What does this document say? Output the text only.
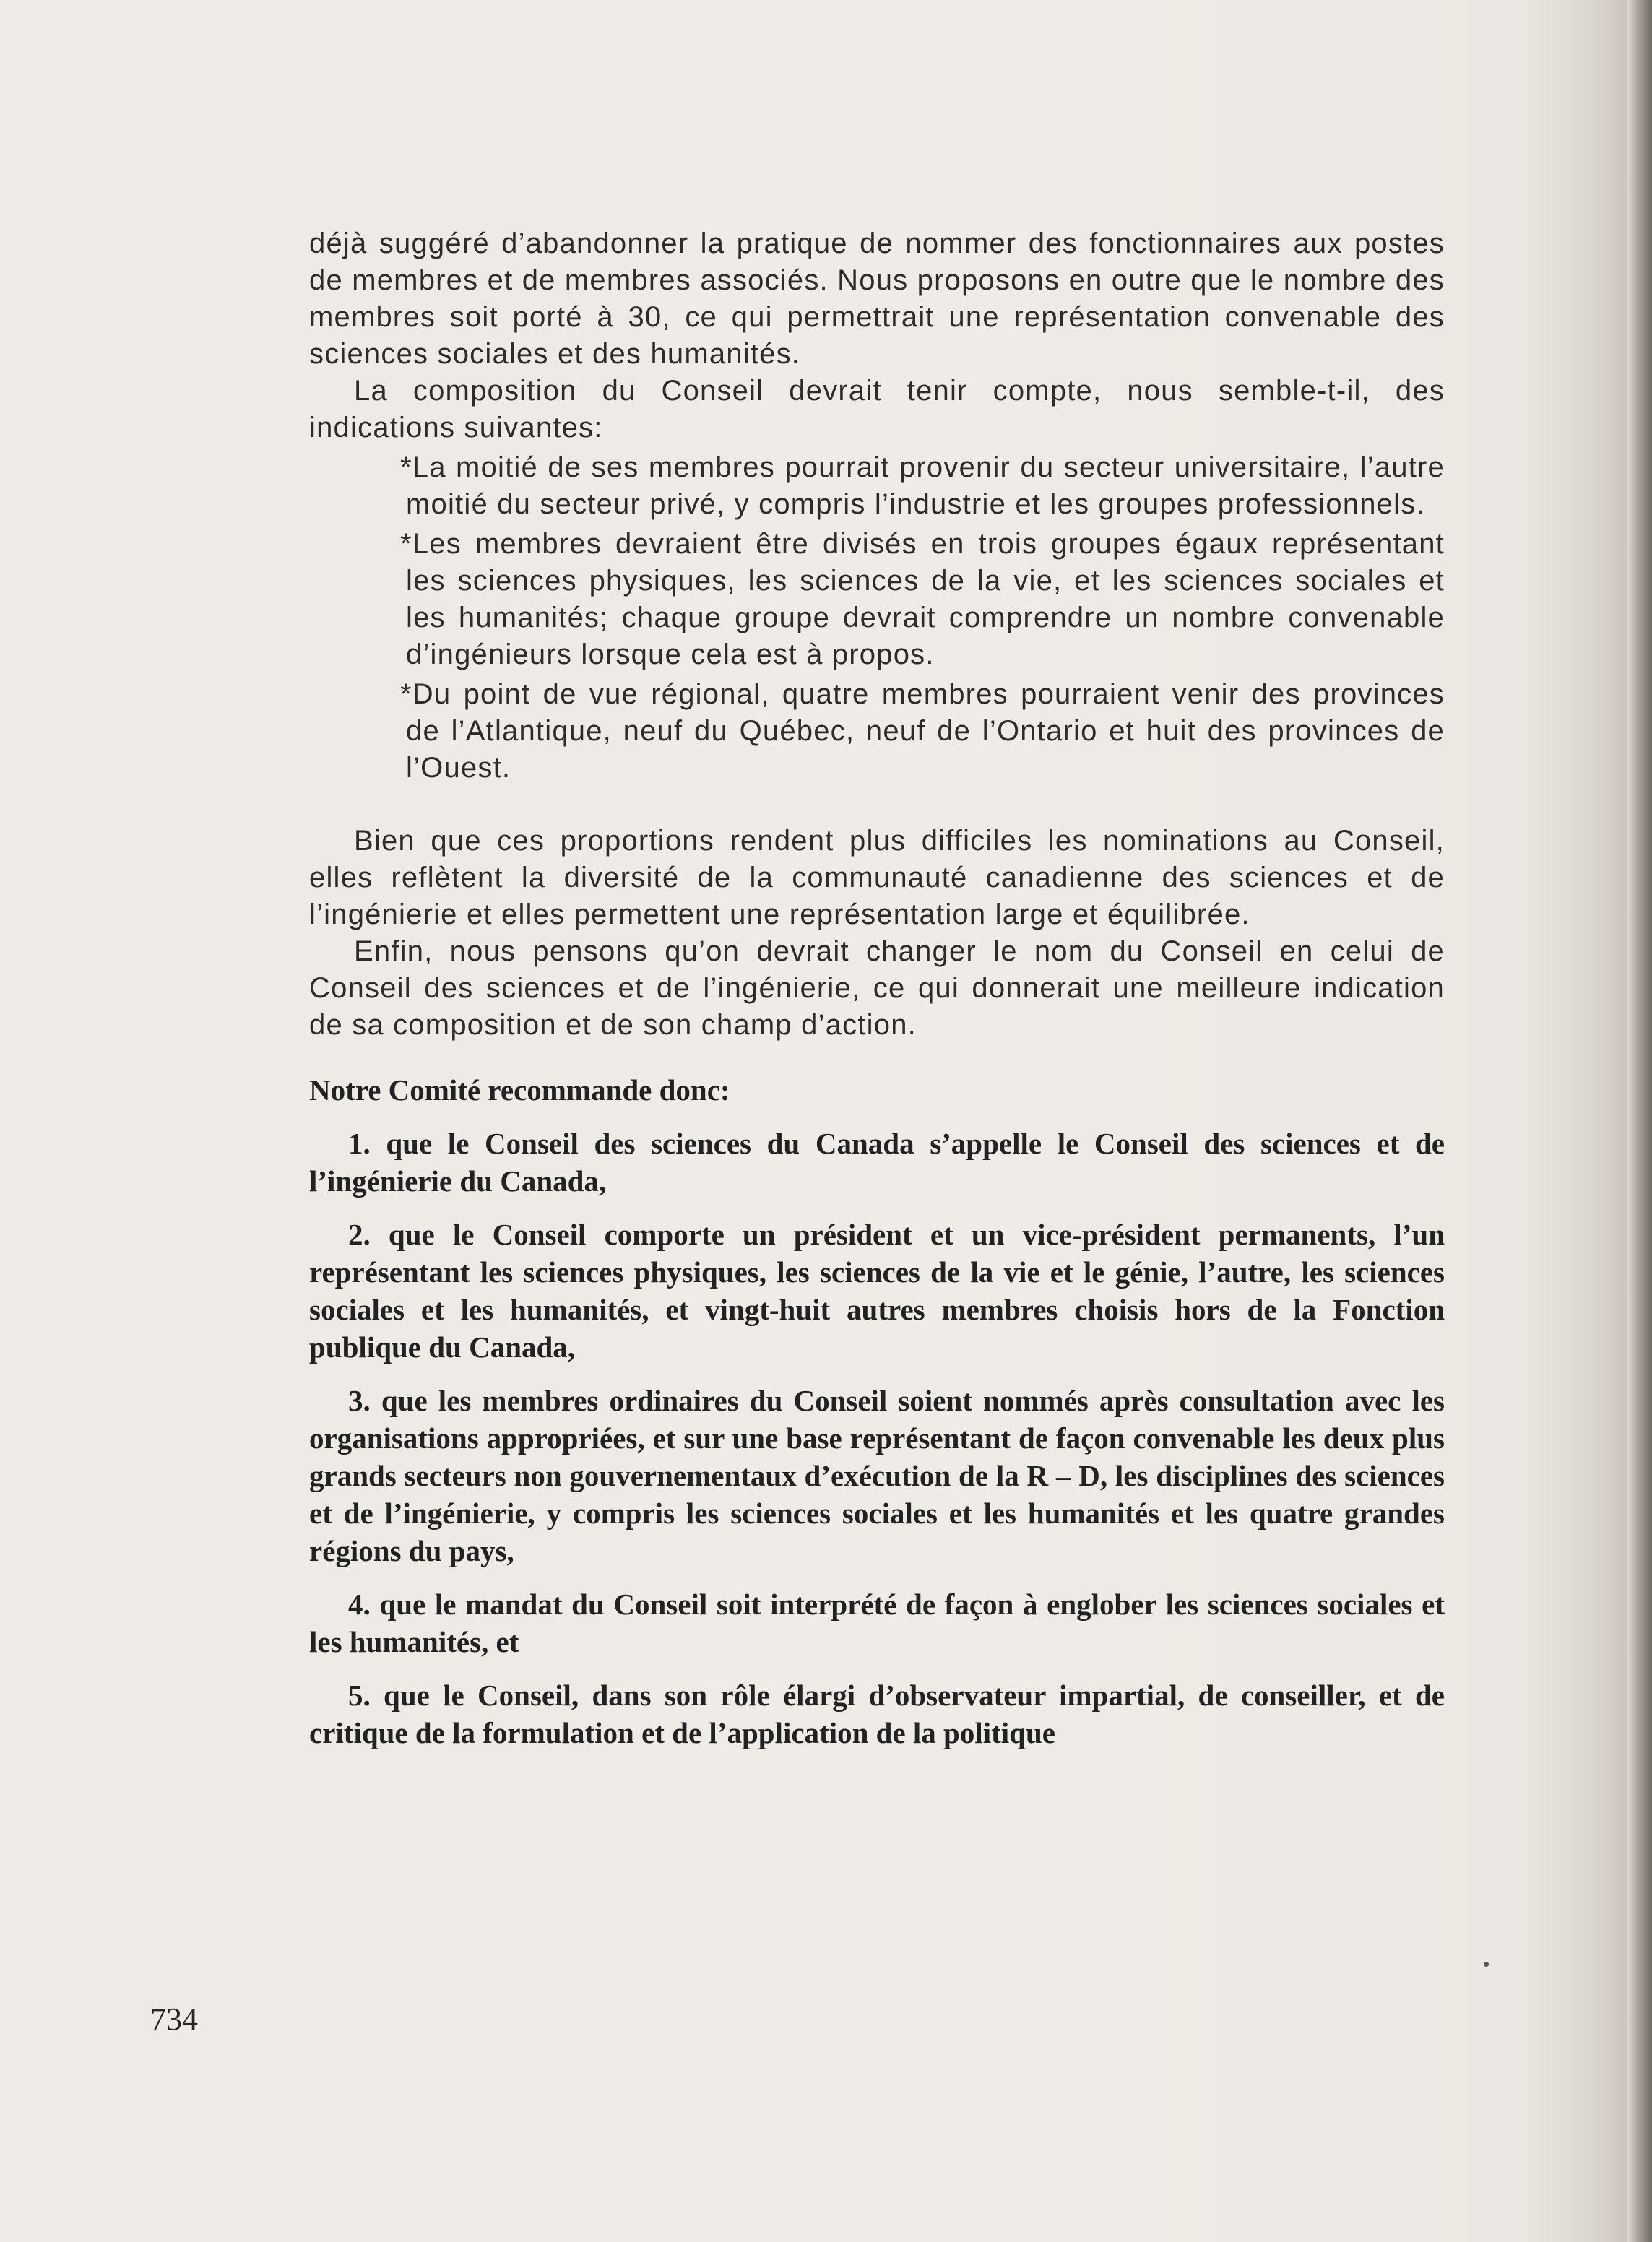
déjà suggéré d’abandonner la pratique de nommer des fonctionnaires aux postes de membres et de membres associés. Nous proposons en outre que le nombre des membres soit porté à 30, ce qui permettrait une représentation convenable des sciences sociales et des humanités.

La composition du Conseil devrait tenir compte, nous semble-t-il, des indications suivantes:

*La moitié de ses membres pourrait provenir du secteur universitaire, l’autre moitié du secteur privé, y compris l’industrie et les groupes professionnels.

*Les membres devraient être divisés en trois groupes égaux représentant les sciences physiques, les sciences de la vie, et les sciences sociales et les humanités; chaque groupe devrait comprendre un nombre convenable d’ingénieurs lorsque cela est à propos.

*Du point de vue régional, quatre membres pourraient venir des provinces de l’Atlantique, neuf du Québec, neuf de l’Ontario et huit des provinces de l’Ouest.

Bien que ces proportions rendent plus difficiles les nominations au Conseil, elles reflètent la diversité de la communauté canadienne des sciences et de l’ingénierie et elles permettent une représentation large et équilibrée.

Enfin, nous pensons qu’on devrait changer le nom du Conseil en celui de Conseil des sciences et de l’ingénierie, ce qui donnerait une meilleure indication de sa composition et de son champ d’action.

Notre Comité recommande donc:

1. que le Conseil des sciences du Canada s’appelle le Conseil des sciences et de l’ingénierie du Canada,

2. que le Conseil comporte un président et un vice-président permanents, l’un représentant les sciences physiques, les sciences de la vie et le génie, l’autre, les sciences sociales et les humanités, et vingt-huit autres membres choisis hors de la Fonction publique du Canada,

3. que les membres ordinaires du Conseil soient nommés après consultation avec les organisations appropriées, et sur une base représentant de façon convenable les deux plus grands secteurs non gouvernementaux d’exécution de la R – D, les disciplines des sciences et de l’ingénierie, y compris les sciences sociales et les humanités et les quatre grandes régions du pays,

4. que le mandat du Conseil soit interprété de façon à englober les sciences sociales et les humanités, et

5. que le Conseil, dans son rôle élargi d’observateur impartial, de conseiller, et de critique de la formulation et de l’application de la politique

734
